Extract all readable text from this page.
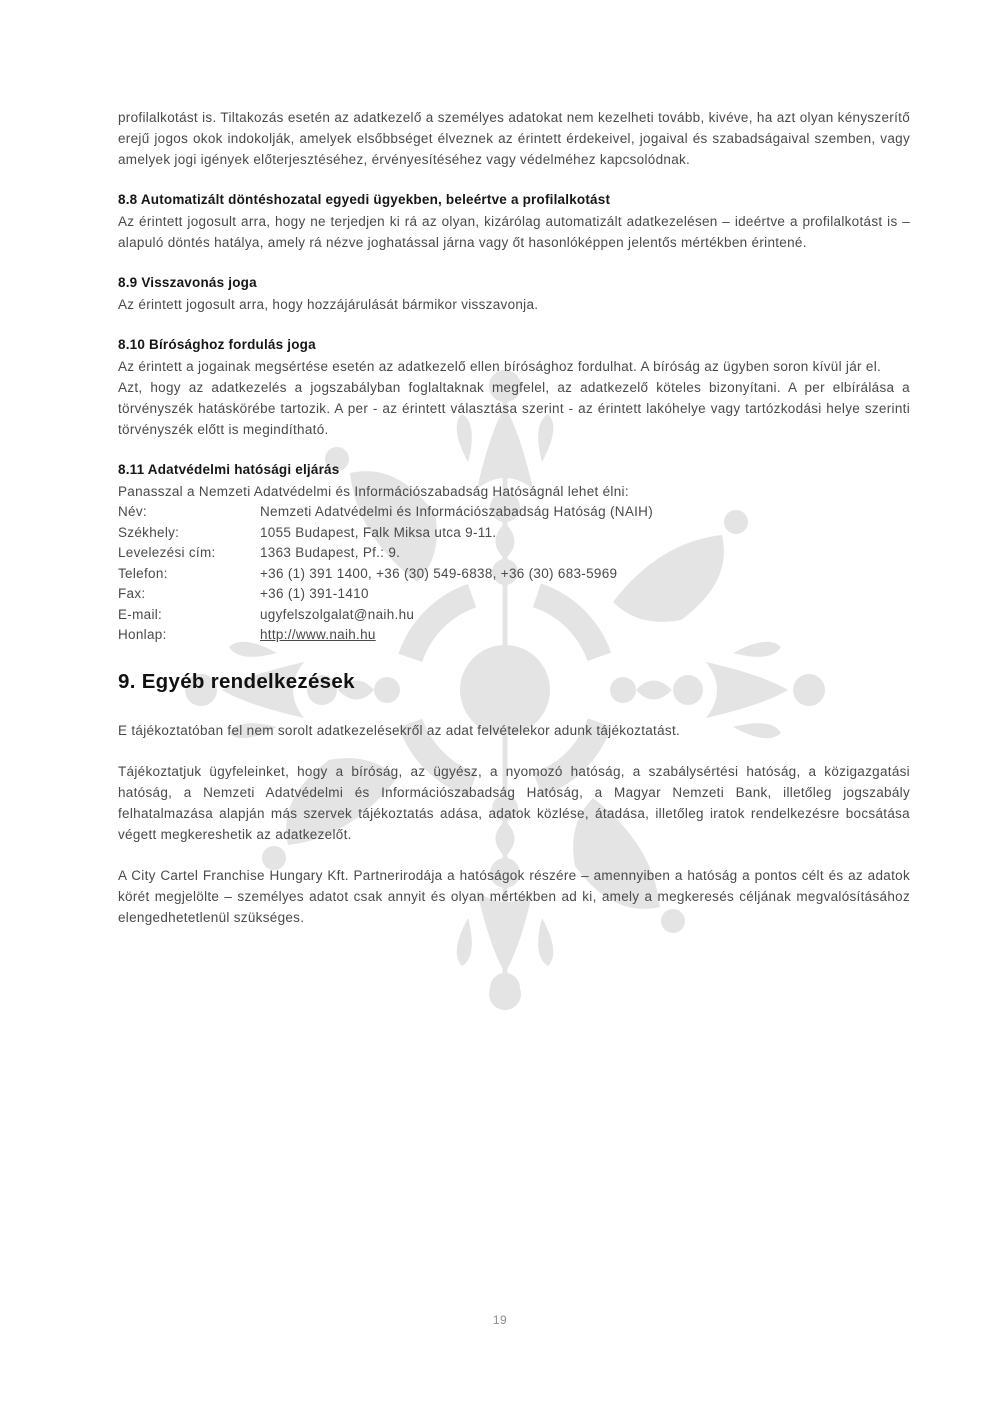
profilalkotást is. Tiltakozás esetén az adatkezelő a személyes adatokat nem kezelheti tovább, kivéve, ha azt olyan kényszerítő erejű jogos okok indokolják, amelyek elsőbbséget élveznek az érintett érdekeivel, jogaival és szabadságaival szemben, vagy amelyek jogi igények előterjesztéséhez, érvényesítéséhez vagy védelméhez kapcsolódnak.

8.8 Automatizált döntéshozatal egyedi ügyekben, beleértve a profilalkotást

Az érintett jogosult arra, hogy ne terjedjen ki rá az olyan, kizárólag automatizált adatkezelésen – ideértve a profilalkotást is – alapuló döntés hatálya, amely rá nézve joghatással járna vagy őt hasonlóképpen jelentős mértékben érintené.

8.9 Visszavonás joga

Az érintett jogosult arra, hogy hozzájárulását bármikor visszavonja.

8.10 Bírósághoz fordulás joga

Az érintett a jogainak megsértése esetén az adatkezelő ellen bírósághoz fordulhat. A bíróság az ügyben soron kívül jár el.

Azt, hogy az adatkezelés a jogszabályban foglaltaknak megfelel, az adatkezelő köteles bizonyítani. A per elbírálása a törvényszék hatáskörébe tartozik. A per - az érintett választása szerint - az érintett lakóhelye vagy tartózkodási helye szerinti törvényszék előtt is megindítható.

8.11 Adatvédelmi hatósági eljárás

Panasszal a Nemzeti Adatvédelmi és Információszabadság Hatóságnál lehet élni:

Név:	Nemzeti Adatvédelmi és Információszabadság Hatóság (NAIH)
Székhely:	1055 Budapest, Falk Miksa utca 9-11.
Levelezési cím:	1363 Budapest, Pf.: 9.
Telefon:	+36 (1) 391 1400, +36 (30) 549-6838, +36 (30) 683-5969
Fax:	+36 (1) 391-1410
E-mail:	ugyfelszolgalat@naih.hu
Honlap:	http://www.naih.hu
9. Egyéb rendelkezések

E tájékoztatóban fel nem sorolt adatkezelésekről az adat felvételekor adunk tájékoztatást.

Tájékoztatjuk ügyfeleinket, hogy a bíróság, az ügyész, a nyomozó hatóság, a szabálysértési hatóság, a közigazgatási hatóság, a Nemzeti Adatvédelmi és Információszabadság Hatóság, a Magyar Nemzeti Bank, illetőleg jogszabály felhatalmazása alapján más szervek tájékoztatás adása, adatok közlése, átadása, illetőleg iratok rendelkezésre bocsátása végett megkereshetik az adatkezelőt.

A City Cartel Franchise Hungary Kft. Partnerirodája a hatóságok részére – amennyiben a hatóság a pontos célt és az adatok körét megjelölte – személyes adatot csak annyit és olyan mértékben ad ki, amely a megkeresés céljának megvalósításához elengedhetetlenül szükséges.

19
